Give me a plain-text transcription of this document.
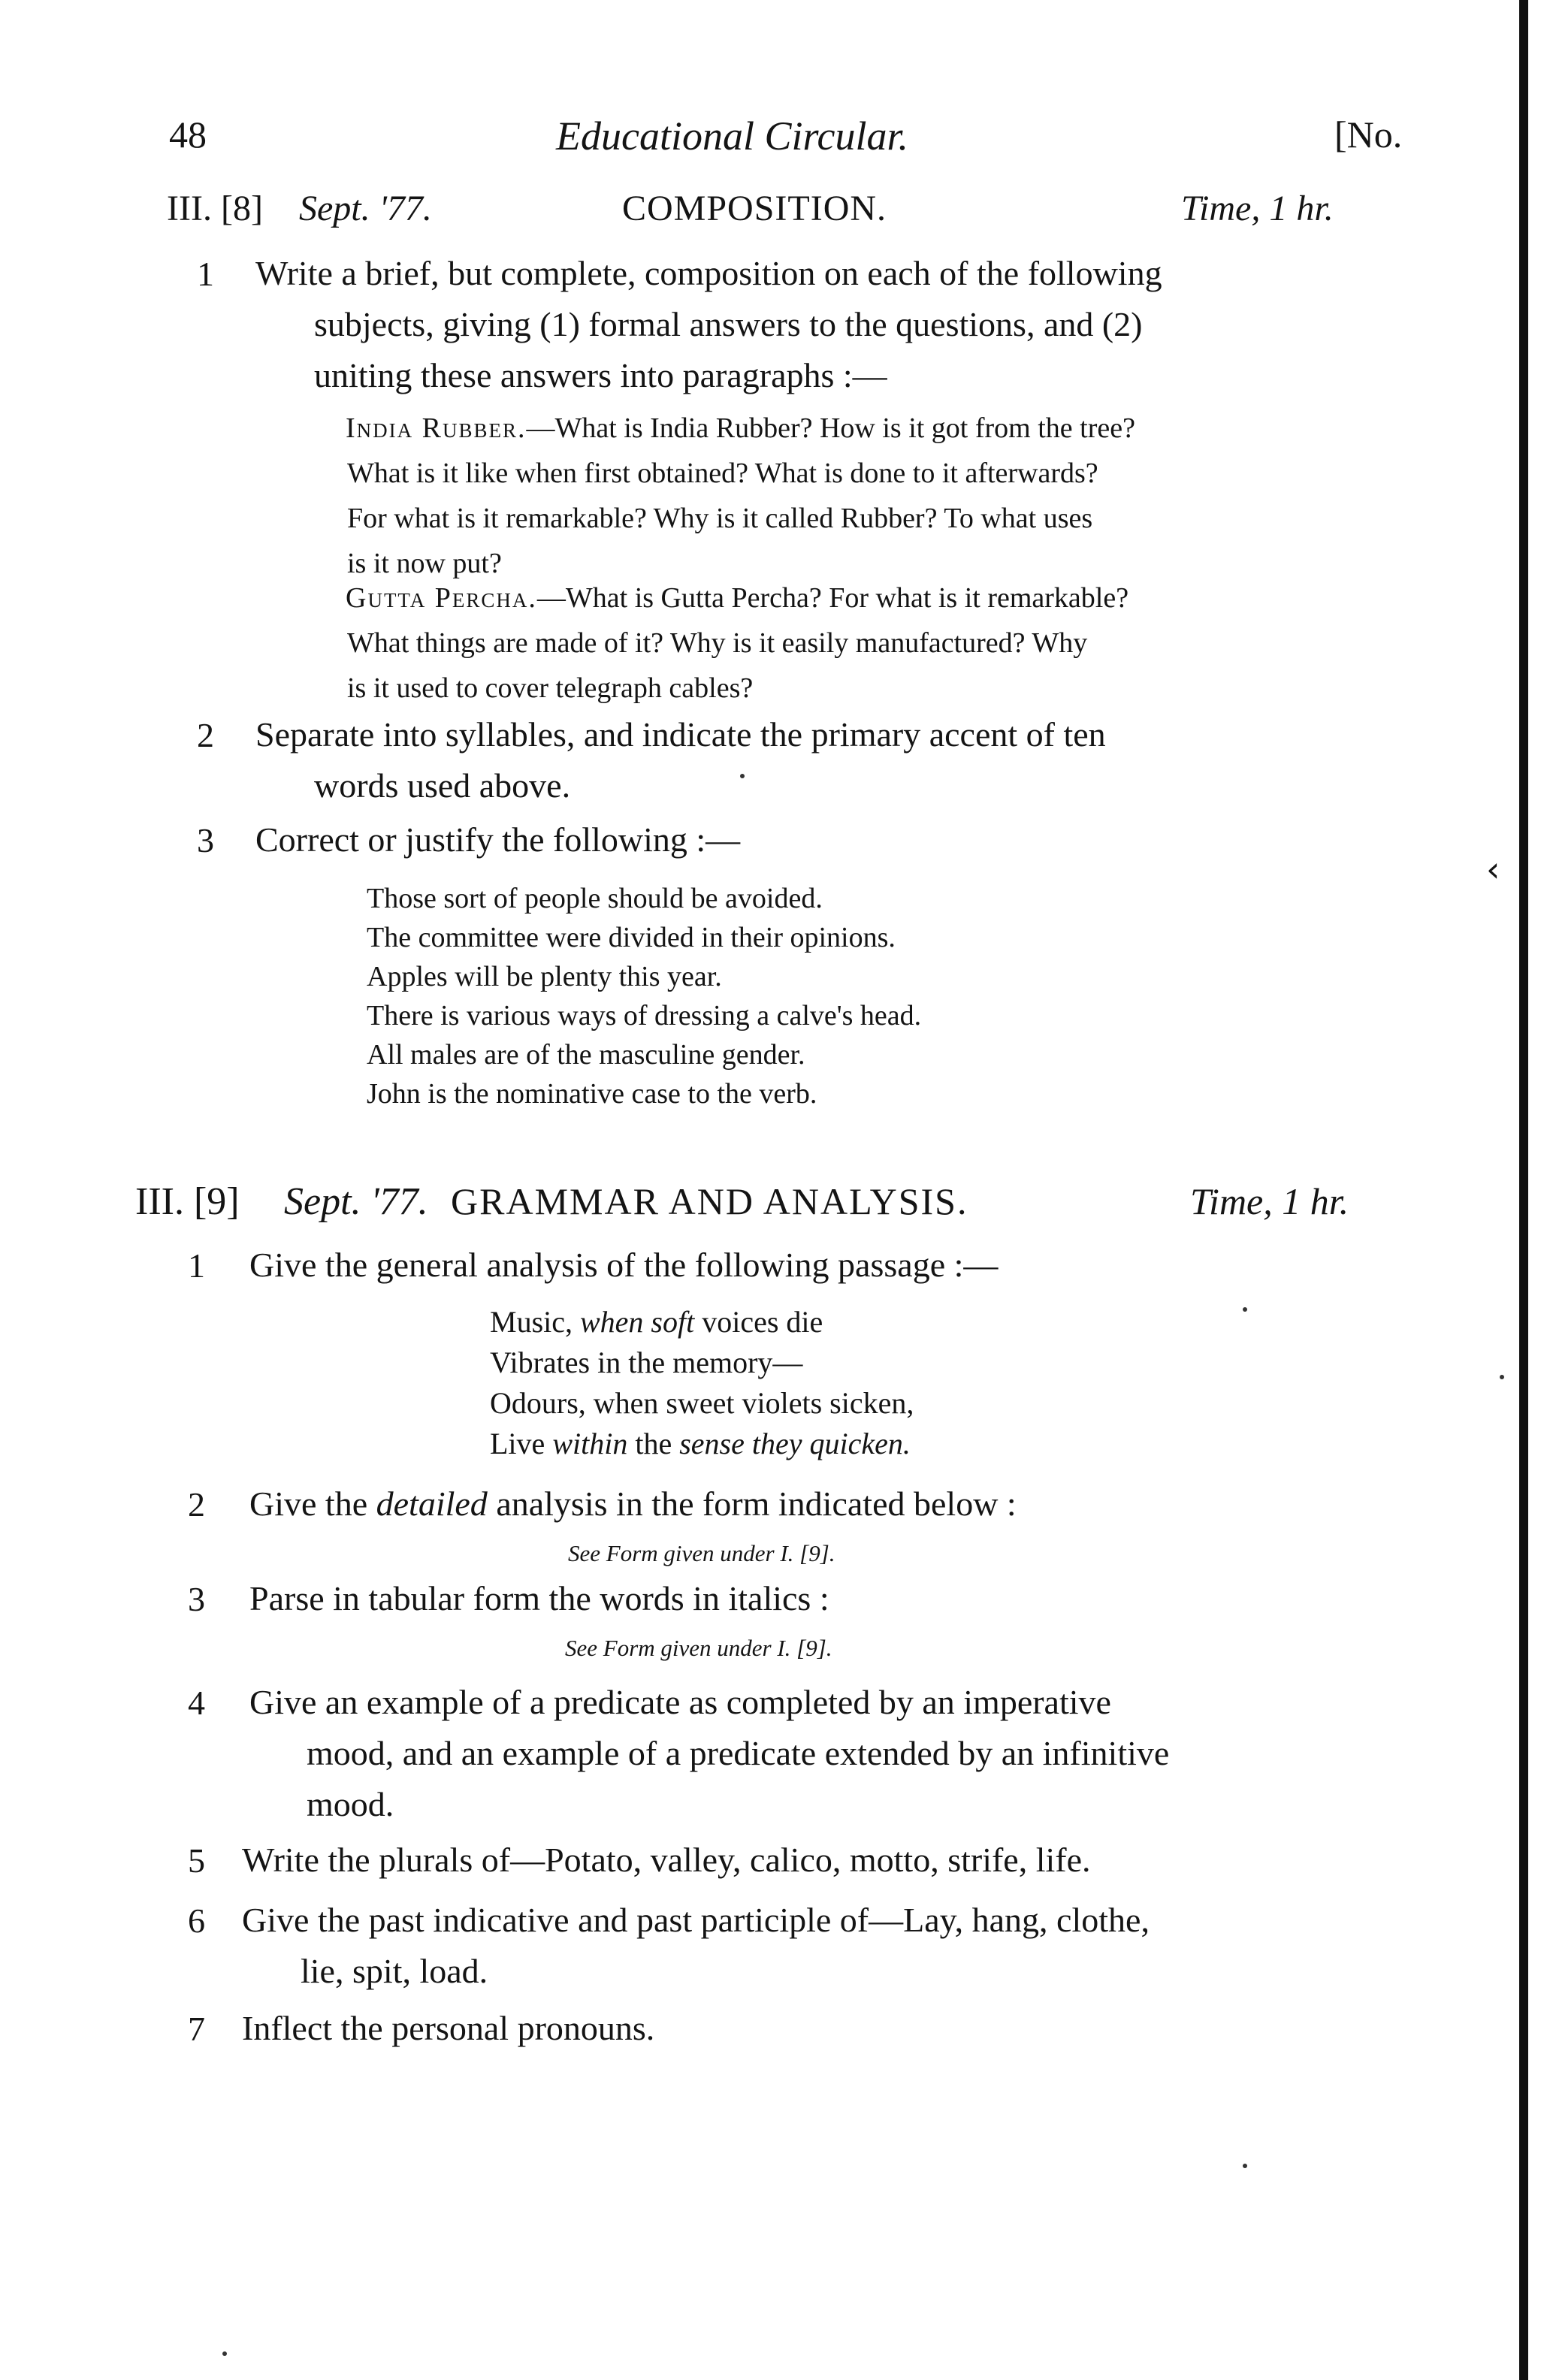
48	Educational Circular.	[No.
III. [8] Sept. '77.	COMPOSITION.	Time, 1 hr.
1 Write a brief, but complete, composition on each of the following
subjects, giving (1) formal answers to the questions, and (2)
uniting these answers into paragraphs :—
India Rubber.—What is India Rubber? How is it got from the tree?
What is it like when first obtained? What is done to it afterwards?
For what is it remarkable? Why is it called Rubber? To what uses
is it now put?
Gutta Percha.—What is Gutta Percha? For what is it remarkable?
What things are made of it? Why is it easily manufactured? Why
is it used to cover telegraph cables?
2 Separate into syllables, and indicate the primary accent of ten
words used above.
3 Correct or justify the following :—
Those sort of people should be avoided.
The committee were divided in their opinions.
Apples will be plenty this year.
There is various ways of dressing a calve's head.
All males are of the masculine gender.
John is the nominative case to the verb.
III. [9] Sept. '77. GRAMMAR AND ANALYSIS.	Time, 1 hr.
1 Give the general analysis of the following passage :—
Music, when soft voices die
Vibrates in the memory—
Odours, when sweet violets sicken,
Live within the sense they quicken.
2 Give the detailed analysis in the form indicated below :
See Form given under I. [9].
3 Parse in tabular form the words in italics :
See Form given under I. [9].
4 Give an example of a predicate as completed by an imperative
mood, and an example of a predicate extended by an infinitive
mood.
5 Write the plurals of—Potato, valley, calico, motto, strife, life.
6 Give the past indicative and past participle of—Lay, hang, clothe,
lie, spit, load.
7 Inflect the personal pronouns.
‹
